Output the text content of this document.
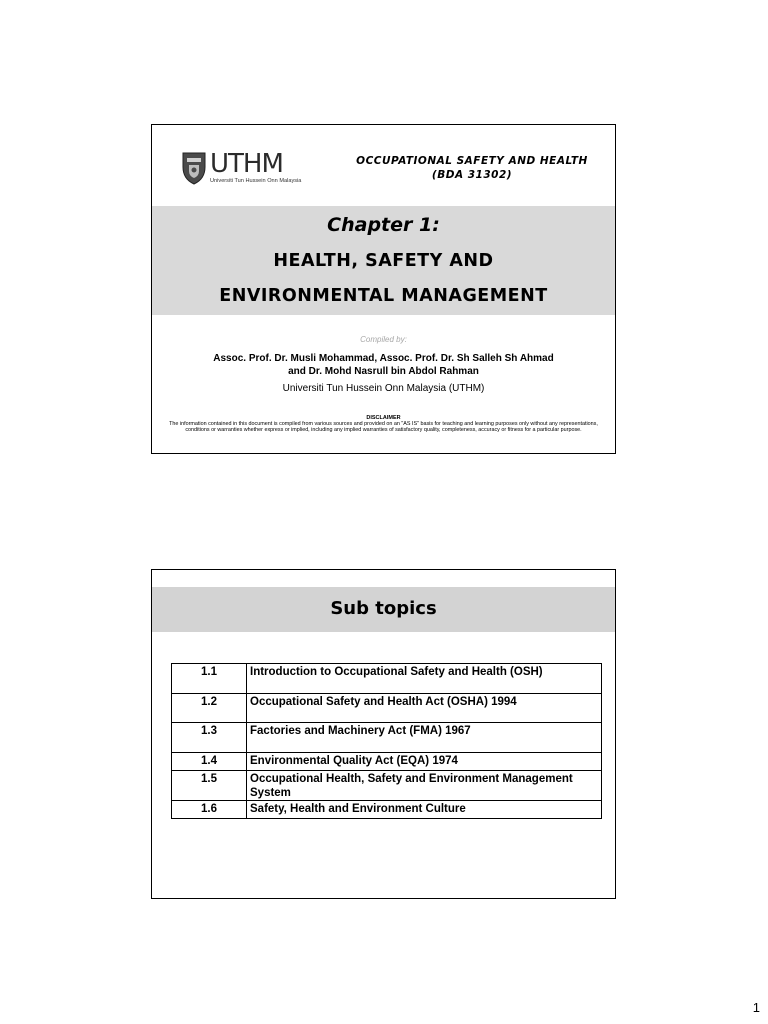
UTHM
Universiti Tun Hussein Onn Malaysia
OCCUPATIONAL SAFETY AND HEALTH
(BDA 31302)
Chapter 1:
HEALTH, SAFETY AND
ENVIRONMENTAL MANAGEMENT
Compiled by:
Assoc. Prof. Dr. Musli Mohammad, Assoc. Prof. Dr. Sh Salleh Sh Ahmad
and Dr. Mohd Nasrull bin Abdol Rahman
Universiti Tun Hussein Onn Malaysia (UTHM)
DISCLAIMER
The information contained in this document is compiled from various sources and provided on an "AS IS" basis for teaching and learning purposes only without any representations, conditions or warranties whether express or implied, including any implied warranties of satisfactory quality, completeness, accuracy or fitness for a particular purpose.
Sub topics
1.1	Introduction to Occupational Safety and Health (OSH)
1.2	Occupational Safety and Health Act (OSHA) 1994
1.3	Factories and Machinery Act (FMA) 1967
1.4	Environmental Quality Act (EQA) 1974
1.5	Occupational Health, Safety and Environment Management System
1.6	Safety, Health and Environment Culture
1
